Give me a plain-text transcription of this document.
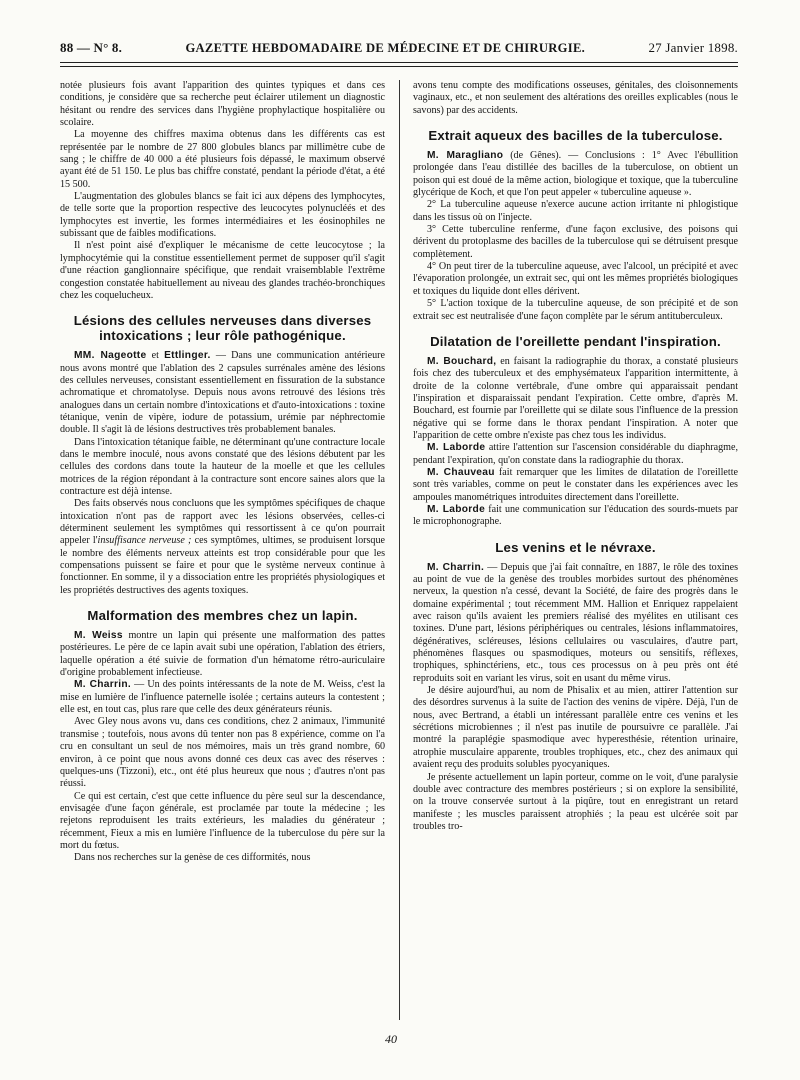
88 — N° 8.	GAZETTE HEBDOMADAIRE DE MÉDECINE ET DE CHIRURGIE.	27 Janvier 1898.

notée plusieurs fois avant l'apparition des quintes typiques et dans ces conditions, je considère que sa recherche peut éclairer utilement un diagnostic hésitant ou rendre des services dans l'hygiène prophylactique hospitalière ou scolaire.

La moyenne des chiffres maxima obtenus dans les différents cas est représentée par le nombre de 27 800 globules blancs par millimètre cube de sang ; le chiffre de 40 000 a été plusieurs fois dépassé, le maximum observé ayant été de 51 150. Le plus bas chiffre constaté, pendant la période d'état, a été 15 500.

L'augmentation des globules blancs se fait ici aux dépens des lymphocytes, de telle sorte que la proportion respective des leucocytes polynucléés et des lymphocytes est invertie, les formes intermédiaires et les éosinophiles ne subissant que de faibles modifications.

Il n'est point aisé d'expliquer le mécanisme de cette leucocytose ; la lymphocytémie qui la constitue essentiellement permet de supposer qu'il s'agit d'une réaction ganglionnaire spécifique, que rendait vraisemblable l'extrême congestion constatée habituellement au niveau des glandes trachéo-bronchiques chez les coquelucheux.

Lésions des cellules nerveuses dans diverses intoxications ; leur rôle pathogénique.

MM. Nageotte et Ettlinger. — Dans une communication antérieure nous avons montré que l'ablation des 2 capsules surrénales amène des lésions des cellules nerveuses, consistant essentiellement en fissuration de la substance achromatique et chromatolyse. Depuis nous avons retrouvé des lésions très analogues dans un certain nombre d'intoxications et d'auto-intoxications : toxine tétanique, venin de vipère, iodure de potassium, urémie par néphrectomie double. Il s'agit là de lésions destructives très probablement banales.

Dans l'intoxication tétanique faible, ne déterminant qu'une contracture locale dans le membre inoculé, nous avons constaté que des lésions débutent par les cellules des cordons dans toute la hauteur de la moelle et que les cellules motrices de la région répondant à la contracture sont encore saines alors que la contracture est déjà intense.

Des faits observés nous concluons que les symptômes spécifiques de chaque intoxication n'ont pas de rapport avec les lésions observées, celles-ci déterminent seulement les symptômes qui ressortissent à ce qu'on pourrait appeler l'insuffisance nerveuse ; ces symptômes, ultimes, se produisent lorsque le nombre des éléments nerveux atteints est trop considérable pour que les compensations puissent se faire et pour que le système nerveux continue à fonctionner. En somme, il y a dissociation entre les propriétés physiologiques et les propriétés destructives des agents toxiques.

Malformation des membres chez un lapin.

M. Weiss montre un lapin qui présente une malformation des pattes postérieures. Le père de ce lapin avait subi une opération, l'ablation des étriers, laquelle opération a été suivie de formation d'un hématome rétro-auriculaire d'origine probablement infectieuse.

M. Charrin. — Un des points intéressants de la note de M. Weiss, c'est la mise en lumière de l'influence paternelle isolée ; certains auteurs la contestent ; elle est, en tout cas, plus rare que celle des deux générateurs réunis.

Avec Gley nous avons vu, dans ces conditions, chez 2 animaux, l'immunité transmise ; toutefois, nous avons dû tenter non pas 8 expérience, comme on l'a cru en consultant un seul de nos mémoires, mais un très grand nombre, 60 environ, à ce point que nous avons donné ces deux cas avec des réserves : quelques-uns (Tizzoni), etc., ont été plus heureux que nous ; d'autres n'ont pas réussi.

Ce qui est certain, c'est que cette influence du père seul sur la descendance, envisagée d'une façon générale, est proclamée par toute la médecine ; les rejetons reproduisent les traits extérieurs, les maladies du générateur ; récemment, Fieux a mis en lumière l'influence de la tuberculose du père sur la mort du fœtus.

Dans nos recherches sur la genèse de ces difformités, nous

avons tenu compte des modifications osseuses, génitales, des cloisonnements vaginaux, etc., et non seulement des altérations des oreilles explicables (nous le savons) par des accidents.

Extrait aqueux des bacilles de la tuberculose.

M. Maragliano (de Gênes). — Conclusions : 1° Avec l'ébullition prolongée dans l'eau distillée des bacilles de la tuberculose, on obtient un poison qui est doué de la même action, biologique et toxique, que la tuberculine glycérique de Koch, et que l'on peut appeler « tuberculine aqueuse ».

2° La tuberculine aqueuse n'exerce aucune action irritante ni phlogistique dans les tissus où on l'injecte.

3° Cette tuberculine renferme, d'une façon exclusive, des poisons qui dérivent du protoplasme des bacilles de la tuberculose qui se détruisent presque complètement.

4° On peut tirer de la tuberculine aqueuse, avec l'alcool, un précipité et avec l'évaporation prolongée, un extrait sec, qui ont les mêmes propriétés biologiques et toxiques du liquide dont elles dérivent.

5° L'action toxique de la tuberculine aqueuse, de son précipité et de son extrait sec est neutralisée d'une façon complète par le sérum antituberculeux.

Dilatation de l'oreillette pendant l'inspiration.

M. Bouchard, en faisant la radiographie du thorax, a constaté plusieurs fois chez des tuberculeux et des emphysémateux l'apparition intermittente, à droite de la colonne vertébrale, d'une ombre qui apparaissait pendant l'inspiration et disparaissait pendant l'expiration. Cette ombre, d'après M. Bouchard, est fournie par l'oreillette qui se dilate sous l'influence de la pression négative qui se forme dans le thorax pendant l'inspiration. A noter que l'apparition de cette ombre n'existe pas chez tous les individus.

M. Laborde attire l'attention sur l'ascension considérable du diaphragme, pendant l'expiration, qu'on constate dans la radiographie du thorax.

M. Chauveau fait remarquer que les limites de dilatation de l'oreillette sont très variables, comme on peut le constater dans les expériences avec les ampoules manométriques introduites directement dans l'oreillette.

M. Laborde fait une communication sur l'éducation des sourds-muets par le microphonographe.

Les venins et le névraxe.

M. Charrin. — Depuis que j'ai fait connaître, en 1887, le rôle des toxines au point de vue de la genèse des troubles morbides surtout des phénomènes nerveux, la question n'a cessé, devant la Société, de faire des progrès dans le domaine expérimental ; tout récemment MM. Hallion et Enriquez rappelaient avec raison qu'ils avaient les premiers réalisé des myélites en utilisant ces toxines. D'une part, lésions périphériques ou centrales, lésions inflammatoires, dégénératives, scléreuses, lésions cellulaires ou vasculaires, d'autre part, phénomènes flasques ou spasmodiques, moteurs ou sensitifs, réflexes, trophiques, sphinctériens, etc., tous ces processus on à peu près ont été reproduits soit en variant les virus, soit en usant du même virus.

Je désire aujourd'hui, au nom de Phisalix et au mien, attirer l'attention sur des désordres survenus à la suite de l'action des venins de vipère. Déjà, l'un de nous, avec Bertrand, a établi un intéressant parallèle entre ces venins et les sécrétions microbiennes ; il n'est pas inutile de poursuivre ce parallèle. J'ai montré la paraplégie spasmodique avec hyperesthésie, rétention urinaire, atrophie musculaire apparente, troubles trophiques, etc., chez des animaux qui avaient reçu des produits solubles pyocyaniques.

Je présente actuellement un lapin porteur, comme on le voit, d'une paralysie double avec contracture des membres postérieurs ; si on explore la sensibilité, on la trouve conservée surtout à la piqûre, tout en enregistrant un retard manifeste ; les muscles paraissent atrophiés ; la peau est ulcérée soit par troubles tro-

40
